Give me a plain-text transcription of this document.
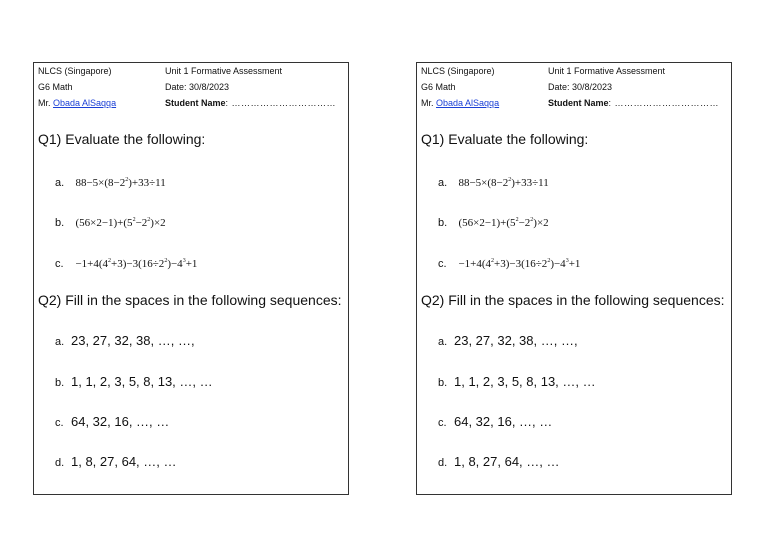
NLCS (Singapore)
G6 Math
Mr. Obada AlSaqqa
Unit 1 Formative Assessment
Date: 30/8/2023
Student Name: ……………………………
Q1) Evaluate the following:
a. $88-5\times(8-2^2)+33\div 11$
b. $(56\times 2-1)+(5^2-2^2)\times 2$
c. $-1+4(4^2+3)-3(16\div 2^2)-4^3+1$
Q2) Fill in the spaces in the following sequences:
a. 23, 27, 32, 38, …, …,
b. 1, 1, 2, 3, 5, 8, 13, …, …
c. 64, 32, 16, …, …
d. 1, 8, 27, 64, …, …
NLCS (Singapore)
G6 Math
Mr. Obada AlSaqqa
Unit 1 Formative Assessment
Date: 30/8/2023
Student Name: ……………………………
Q1) Evaluate the following:
a. $88-5\times(8-2^2)+33\div 11$
b. $(56\times 2-1)+(5^2-2^2)\times 2$
c. $-1+4(4^2+3)-3(16\div 2^2)-4^3+1$
Q2) Fill in the spaces in the following sequences:
a. 23, 27, 32, 38, …, …,
b. 1, 1, 2, 3, 5, 8, 13, …, …
c. 64, 32, 16, …, …
d. 1, 8, 27, 64, …, …
